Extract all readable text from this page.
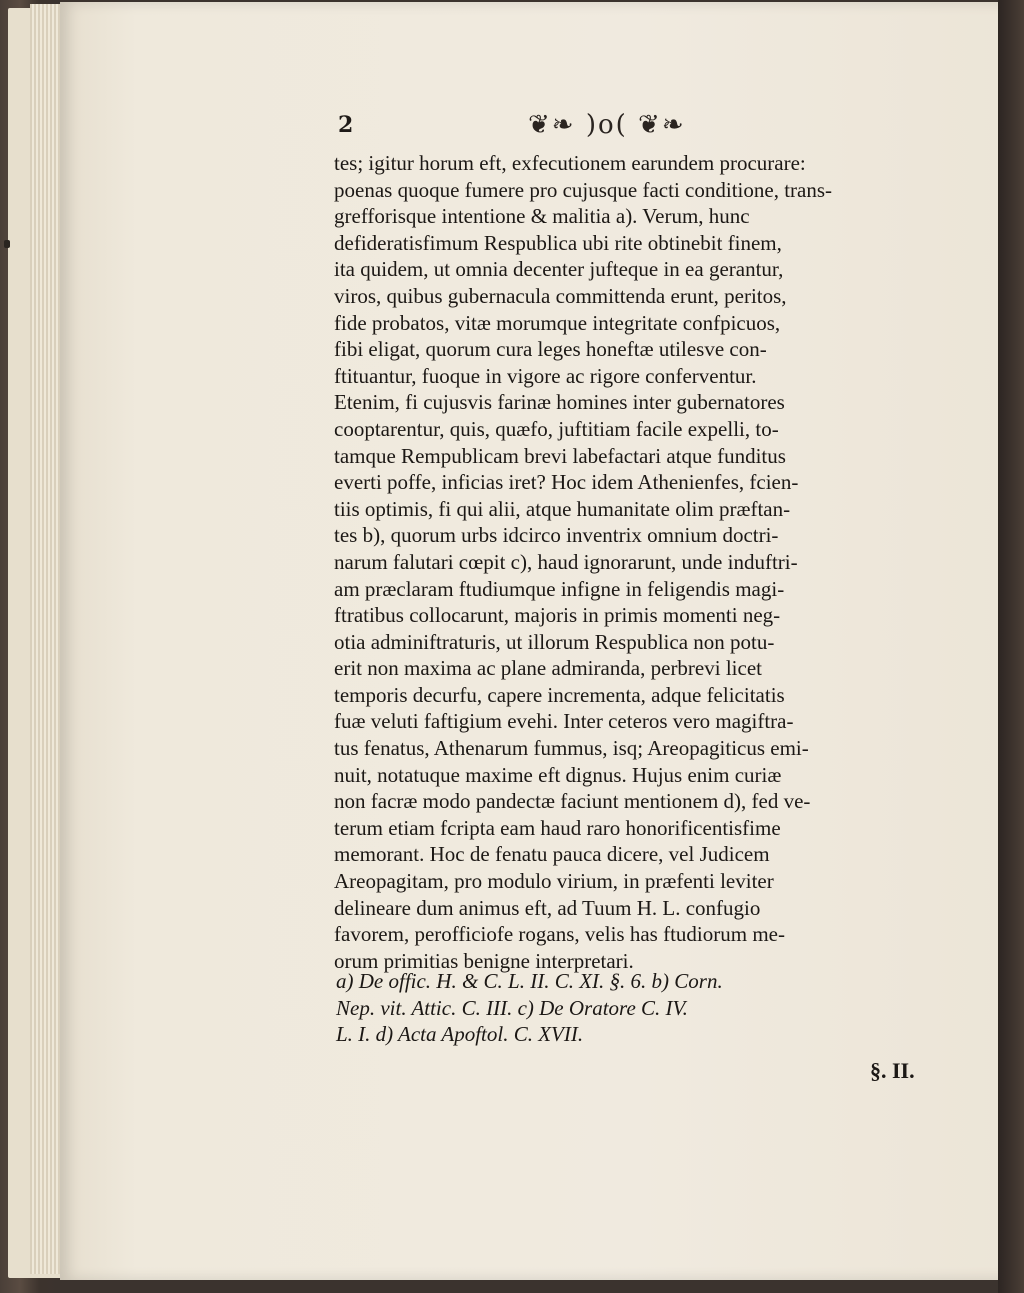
2	❦❧ )o( ❦❧
tes; igitur horum eft, exfecutionem earundem procurare:
poenas quoque fumere pro cujusque facti conditione, trans-
grefforisque intentione & malitia a). Verum, hunc
defideratisfimum Respublica ubi rite obtinebit finem,
ita quidem, ut omnia decenter jufteque in ea gerantur,
viros, quibus gubernacula committenda erunt, peritos,
fide probatos, vitæ morumque integritate confpicuos,
fibi eligat, quorum cura leges honeftæ utilesve con-
ftituantur, fuoque in vigore ac rigore conferventur.
Etenim, fi cujusvis farinæ homines inter gubernatores
cooptarentur, quis, quæfo, juftitiam facile expelli, to-
tamque Rempublicam brevi labefactari atque funditus
everti poffe, inficias iret? Hoc idem Athenienfes, fcien-
tiis optimis, fi qui alii, atque humanitate olim præftan-
tes b), quorum urbs idcirco inventrix omnium doctri-
narum falutari cœpit c), haud ignorarunt, unde induftri-
am præclaram ftudiumque infigne in feligendis magi-
ftratibus collocarunt, majoris in primis momenti neg-
otia adminiftraturis, ut illorum Respublica non potu-
erit non maxima ac plane admiranda, perbrevi licet
temporis decurfu, capere incrementa, adque felicitatis
fuæ veluti faftigium evehi. Inter ceteros vero magiftra-
tus fenatus, Athenarum fummus, isq; Areopagiticus emi-
nuit, notatuque maxime eft dignus. Hujus enim curiæ
non facræ modo pandectæ faciunt mentionem d), fed ve-
terum etiam fcripta eam haud raro honorificentisfime
memorant. Hoc de fenatu pauca dicere, vel Judicem
Areopagitam, pro modulo virium, in præfenti leviter
delineare dum animus eft, ad Tuum H. L. confugio
favorem, perofficiofe rogans, velis has ftudiorum me-
orum primitias benigne interpretari.
a) De offic. H. & C. L. II. C. XI. §. 6. b) Corn.
Nep. vit. Attic. C. III. c) De Oratore C. IV.
L. I. d) Acta Apoftol. C. XVII.
§. II.
